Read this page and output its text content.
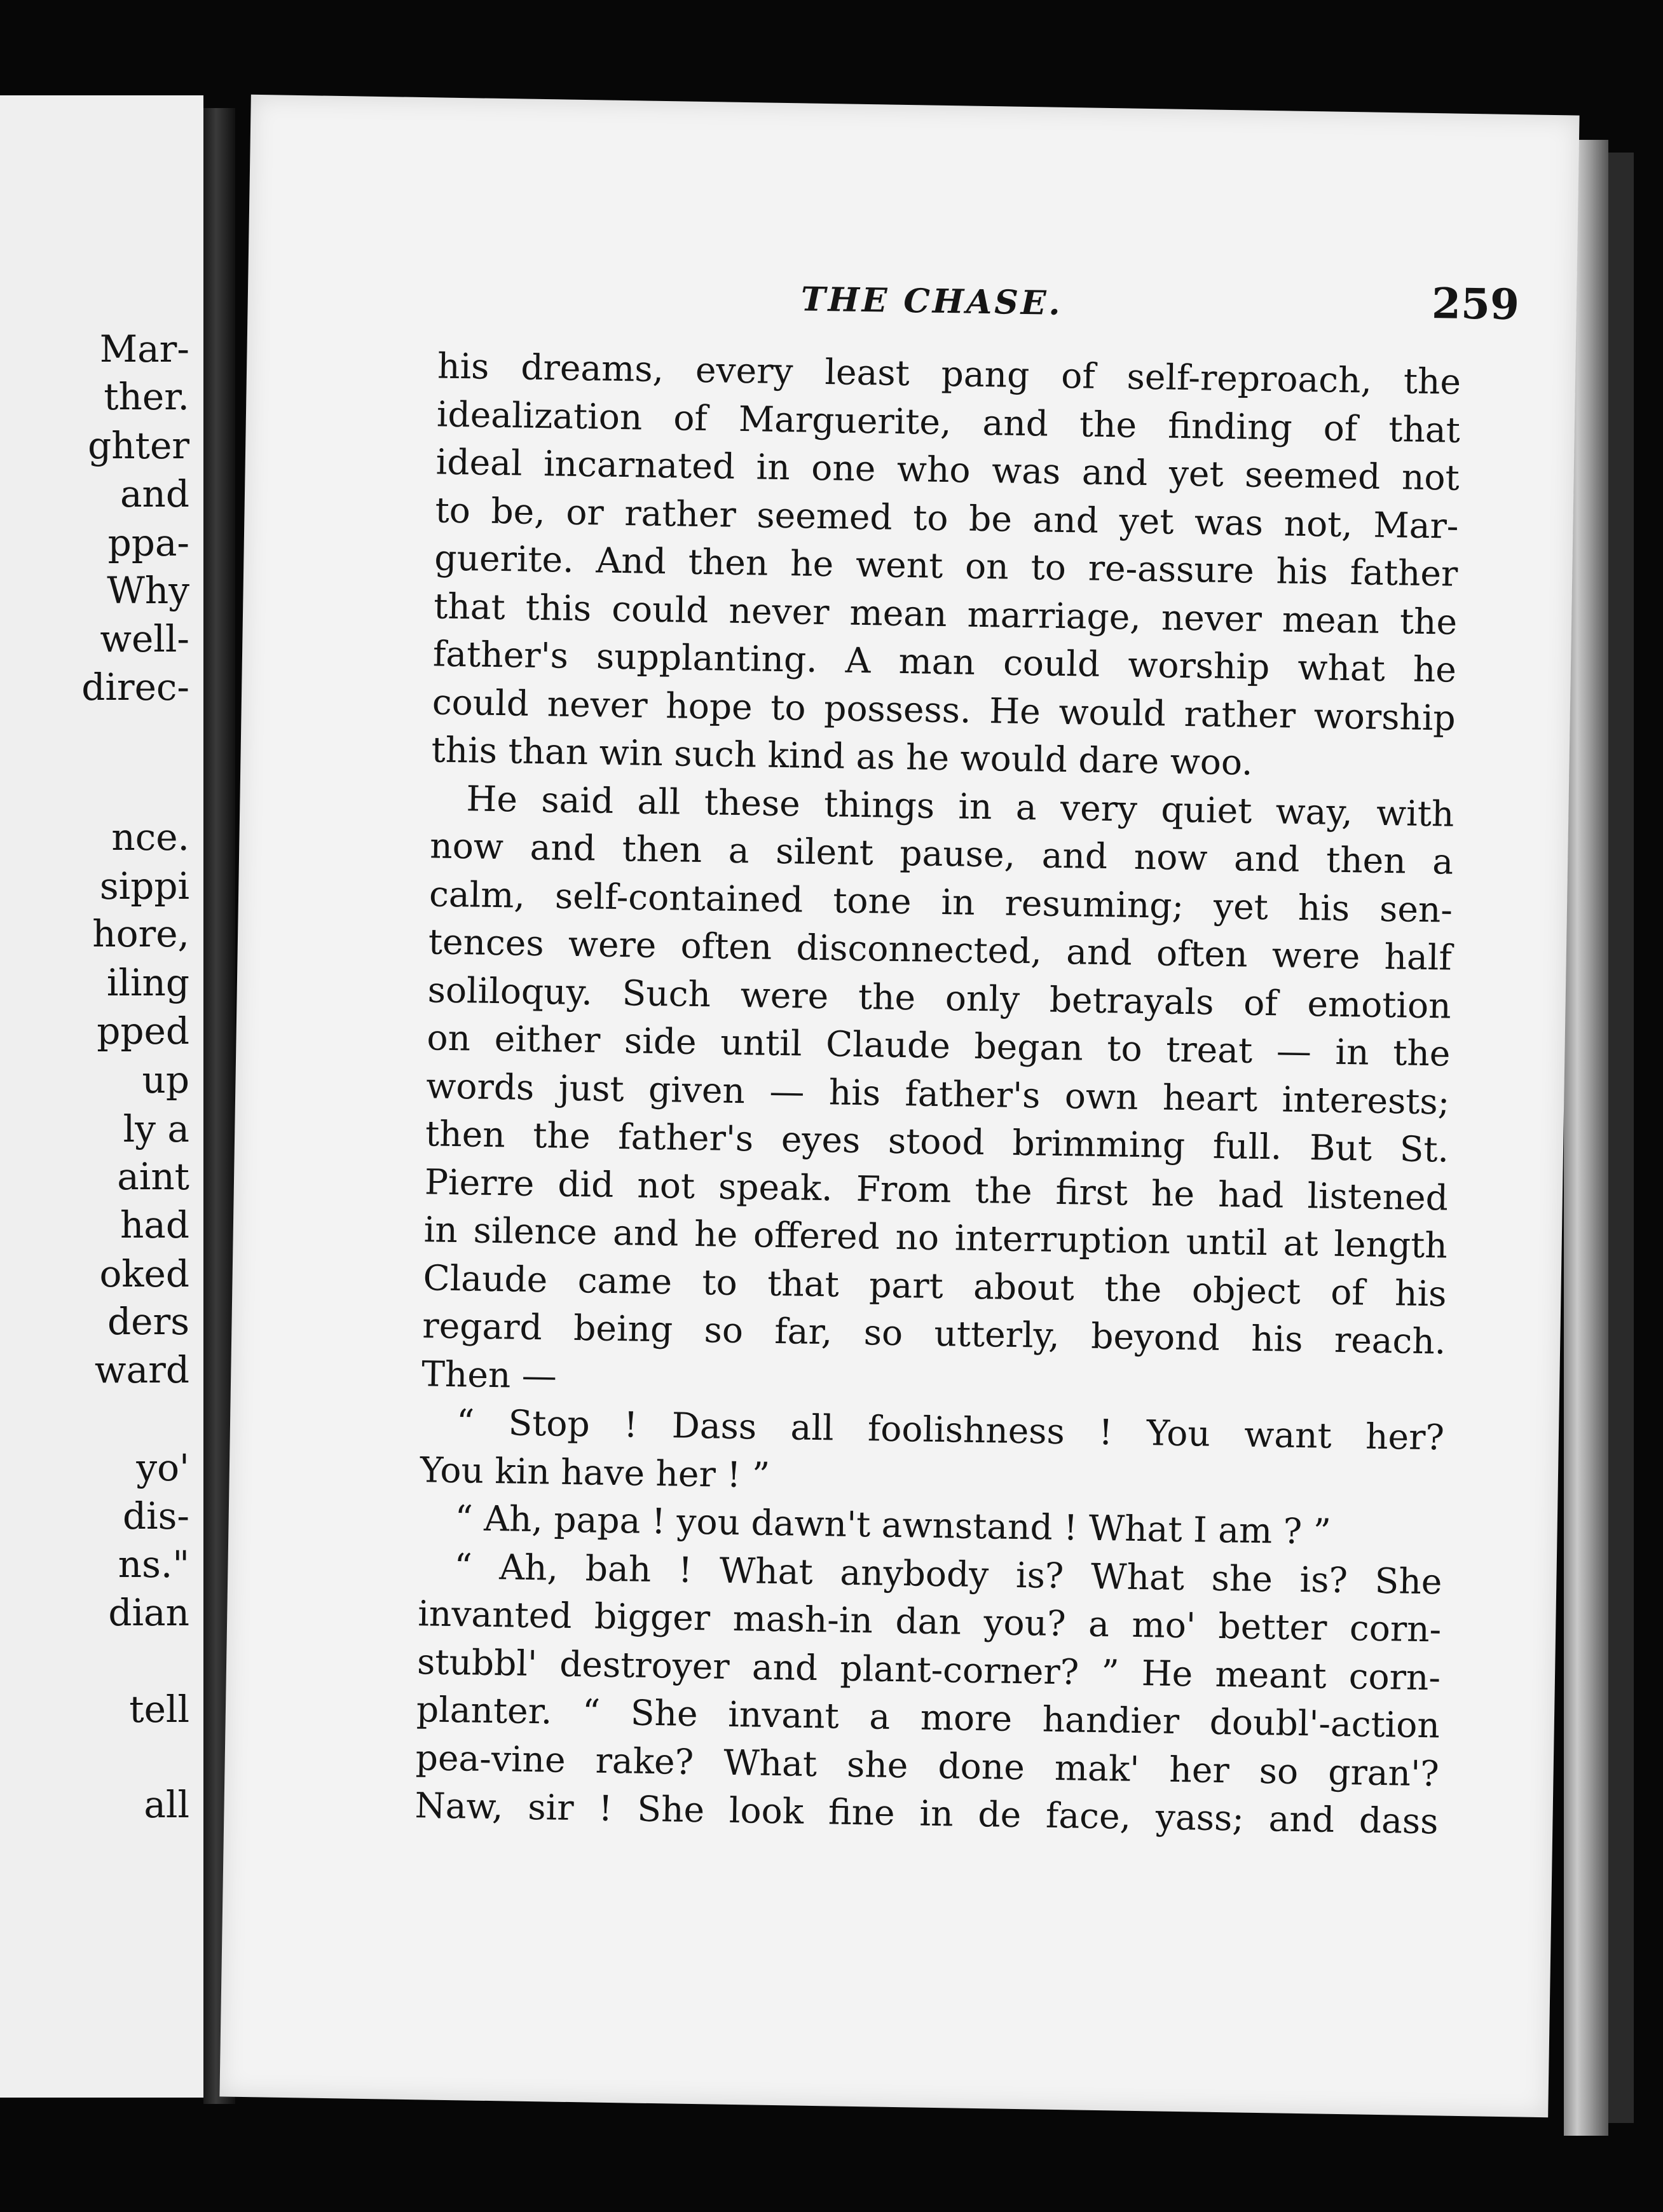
Mar-
ther.
ghter
and
ppa-
Why
well-
direc-
nce.
sippi
hore,
iling
pped
up
ly a
aint
had
oked
ders
ward
yo'
dis-
ns."
dian
tell
all
THE CHASE.	259
his dreams, every least pang of self-reproach, the
idealization of Marguerite, and the finding of that
ideal incarnated in one who was and yet seemed not
to be, or rather seemed to be and yet was not, Mar-
guerite. And then he went on to re-assure his father
that this could never mean marriage, never mean the
father's supplanting. A man could worship what he
could never hope to possess. He would rather worship
this than win such kind as he would dare woo.
He said all these things in a very quiet way, with
now and then a silent pause, and now and then a
calm, self-contained tone in resuming; yet his sen-
tences were often disconnected, and often were half
soliloquy. Such were the only betrayals of emotion
on either side until Claude began to treat — in the
words just given — his father's own heart interests;
then the father's eyes stood brimming full. But St.
Pierre did not speak. From the first he had listened
in silence and he offered no interruption until at length
Claude came to that part about the object of his
regard being so far, so utterly, beyond his reach.
Then —
“ Stop ! Dass all foolishness ! You want her?
You kin have her ! ”
“ Ah, papa ! you dawn't awnstand ! What I am ? ”
“ Ah, bah ! What anybody is? What she is? She
invanted bigger mash-in dan you? a mo' better corn-
stubbl' destroyer and plant-corner? ” He meant corn-
planter. “ She invant a more handier doubl'-action
pea-vine rake? What she done mak' her so gran'?
Naw, sir ! She look fine in de face, yass; and dass
